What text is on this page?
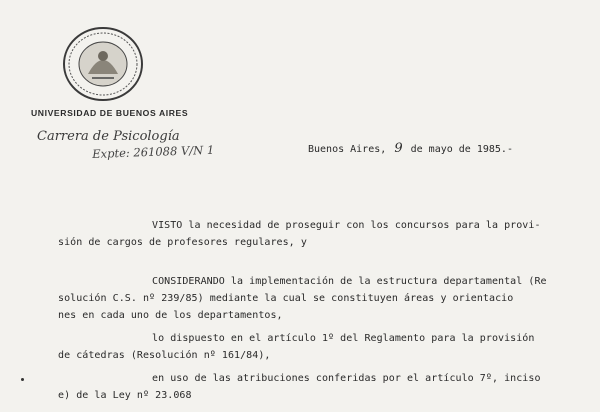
UNIVERSIDAD DE BUENOS AIRES
Carrera de Psicología
Expte: 261088 V/N 1	Buenos Aires, 9 de mayo de 1985.-
VISTO la necesidad de proseguir con los concursos para la provi-
sión de cargos de profesores regulares, y
CONSIDERANDO la implementación de la estructura departamental (Re
solución C.S. nº 239/85) mediante la cual se constituyen áreas y orientacio
nes en cada uno de los departamentos,
lo dispuesto en el artículo 1º del Reglamento para la provisión
de cátedras (Resolución nº 161/84),
en uso de las atribuciones conferidas por el artículo 7º, inciso
e) de la Ley nº 23.068
